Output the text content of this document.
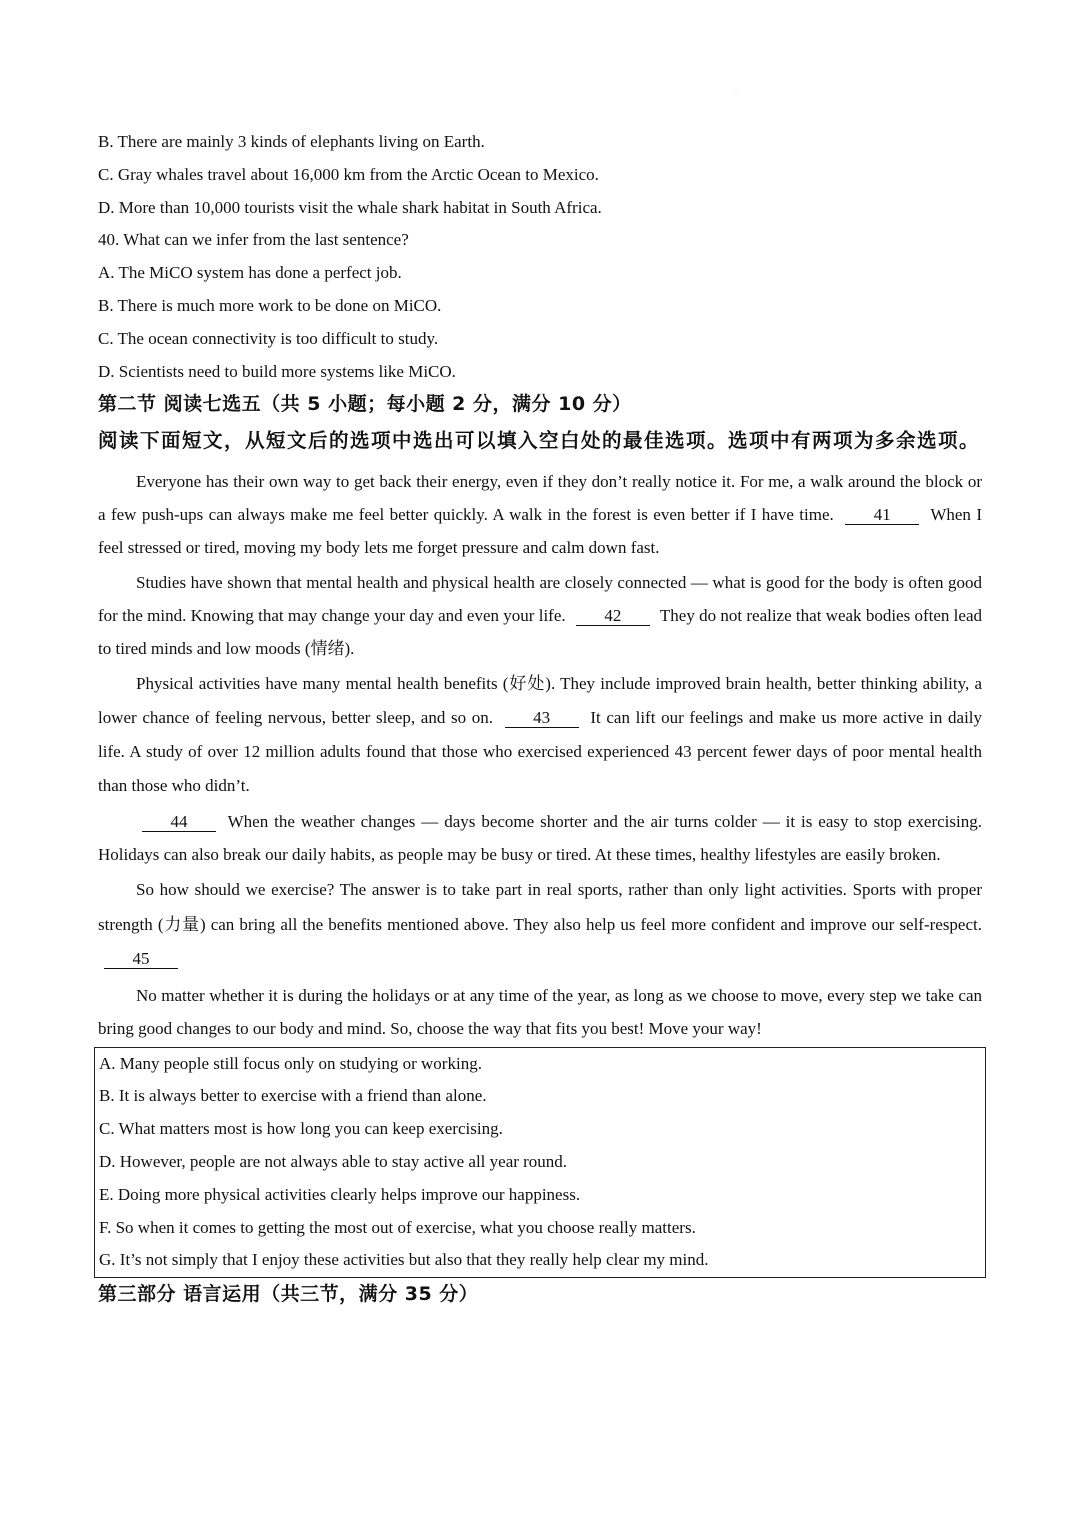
·
B. There are mainly 3 kinds of elephants living on Earth.
C. Gray whales travel about 16,000 km from the Arctic Ocean to Mexico.
D. More than 10,000 tourists visit the whale shark habitat in South Africa.
40. What can we infer from the last sentence?
A. The MiCO system has done a perfect job.
B. There is much more work to be done on MiCO.
C. The ocean connectivity is too difficult to study.
D. Scientists need to build more systems like MiCO.
第二节 阅读七选五（共 5 小题；每小题 2 分，满分 10 分）
阅读下面短文，从短文后的选项中选出可以填入空白处的最佳选项。选项中有两项为多余选项。

Everyone has their own way to get back their energy, even if they don’t really notice it. For me, a walk around the block or a few push-ups can always make me feel better quickly. A walk in the forest is even better if I have time. 41 When I feel stressed or tired, moving my body lets me forget pressure and calm down fast.

Studies have shown that mental health and physical health are closely connected — what is good for the body is often good for the mind. Knowing that may change your day and even your life. 42 They do not realize that weak bodies often lead to tired minds and low moods (情绪).

Physical activities have many mental health benefits (好处). They include improved brain health, better thinking ability, a lower chance of feeling nervous, better sleep, and so on. 43 It can lift our feelings and make us more active in daily life. A study of over 12 million adults found that those who exercised experienced 43 percent fewer days of poor mental health than those who didn’t.

44 When the weather changes — days become shorter and the air turns colder — it is easy to stop exercising. Holidays can also break our daily habits, as people may be busy or tired. At these times, healthy lifestyles are easily broken.

So how should we exercise? The answer is to take part in real sports, rather than only light activities. Sports with proper strength (力量) can bring all the benefits mentioned above. They also help us feel more confident and improve our self-respect. 45

No matter whether it is during the holidays or at any time of the year, as long as we choose to move, every step we take can bring good changes to our body and mind. So, choose the way that fits you best! Move your way!

A. Many people still focus only on studying or working.
B. It is always better to exercise with a friend than alone.
C. What matters most is how long you can keep exercising.
D. However, people are not always able to stay active all year round.
E. Doing more physical activities clearly helps improve our happiness.
F. So when it comes to getting the most out of exercise, what you choose really matters.
G. It’s not simply that I enjoy these activities but also that they really help clear my mind.
第三部分 语言运用（共三节，满分 35 分）
